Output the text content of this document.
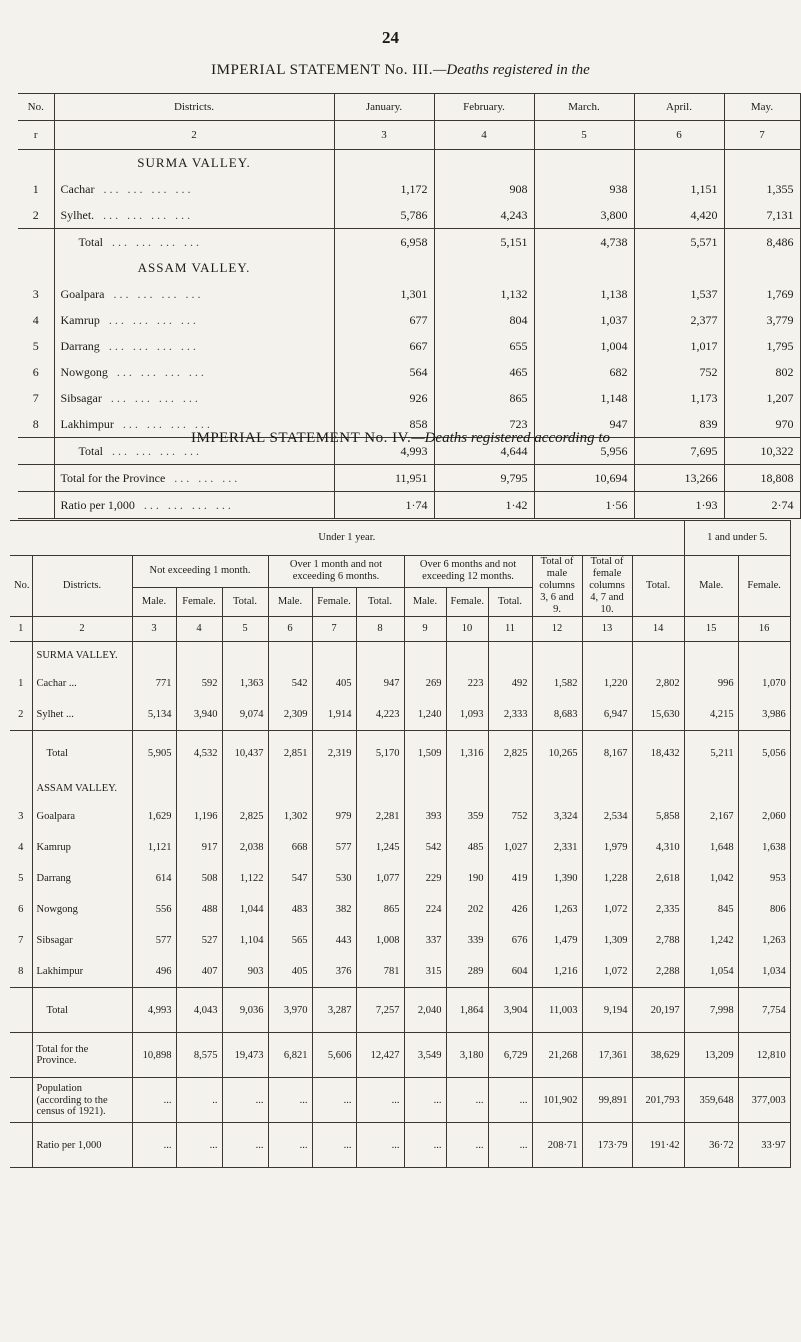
24
IMPERIAL STATEMENT No. III.—Deaths registered in the
No.	Districts.	January.	February.	March.	April.	May.
r	2	3	4	5	6	7
	SURMA VALLEY.					
1	Cachar ... ... ... ...	1,172	908	938	1,151	1,355
2	Sylhet. ... ... ... ...	5,786	4,243	3,800	4,420	7,131
	Total ... ... ... ...	6,958	5,151	4,738	5,571	8,486
	ASSAM VALLEY.					
3	Goalpara ... ... ... ...	1,301	1,132	1,138	1,537	1,769
4	Kamrup ... ... ... ...	677	804	1,037	2,377	3,779
5	Darrang ... ... ... ...	667	655	1,004	1,017	1,795
6	Nowgong ... ... ... ...	564	465	682	752	802
7	Sibsagar ... ... ... ...	926	865	1,148	1,173	1,207
8	Lakhimpur ... ... ... ...	858	723	947	839	970
	Total ... ... ... ...	4,993	4,644	5,956	7,695	10,322
	Total for the Province ... ... ...	11,951	9,795	10,694	13,266	18,808
	Ratio per 1,000 ... ... ... ...	1·74	1·42	1·56	1·93	2·74
IMPERIAL STATEMENT No. IV.—Deaths registered according to
Under 1 year.														1 and under 5.	
No.	Districts.	Not exceeding 1 month.			Over 1 month and not exceeding 6 months.			Over 6 months and not exceeding 12 months.			Total of male columns 3, 6 and 9.	Total of female columns 4, 7 and 10.	Total.	Male.	Female.
		Male.	Female.	Total.	Male.	Female.	Total.	Male.	Female.	Total.					
1	2	3	4	5	6	7	8	9	10	11	12	13	14	15	16
	SURMA VALLEY.														
1	Cachar ...	771	592	1,363	542	405	947	269	223	492	1,582	1,220	2,802	996	1,070
2	Sylhet ...	5,134	3,940	9,074	2,309	1,914	4,223	1,240	1,093	2,333	8,683	6,947	15,630	4,215	3,986
	Total	5,905	4,532	10,437	2,851	2,319	5,170	1,509	1,316	2,825	10,265	8,167	18,432	5,211	5,056
	ASSAM VALLEY.														
3	Goalpara	1,629	1,196	2,825	1,302	979	2,281	393	359	752	3,324	2,534	5,858	2,167	2,060
4	Kamrup	1,121	917	2,038	668	577	1,245	542	485	1,027	2,331	1,979	4,310	1,648	1,638
5	Darrang	614	508	1,122	547	530	1,077	229	190	419	1,390	1,228	2,618	1,042	953
6	Nowgong	556	488	1,044	483	382	865	224	202	426	1,263	1,072	2,335	845	806
7	Sibsagar	577	527	1,104	565	443	1,008	337	339	676	1,479	1,309	2,788	1,242	1,263
8	Lakhimpur	496	407	903	405	376	781	315	289	604	1,216	1,072	2,288	1,054	1,034
	Total	4,993	4,043	9,036	3,970	3,287	7,257	2,040	1,864	3,904	11,003	9,194	20,197	7,998	7,754
	Total for the Province.	10,898	8,575	19,473	6,821	5,606	12,427	3,549	3,180	6,729	21,268	17,361	38,629	13,209	12,810
	Population (according to the census of 1921).	...	..	...	...	...	...	...	...	...	101,902	99,891	201,793	359,648	377,003
	Ratio per 1,000	...	...	...	...	...	...	...	...	...	208·71	173·79	191·42	36·72	33·97
